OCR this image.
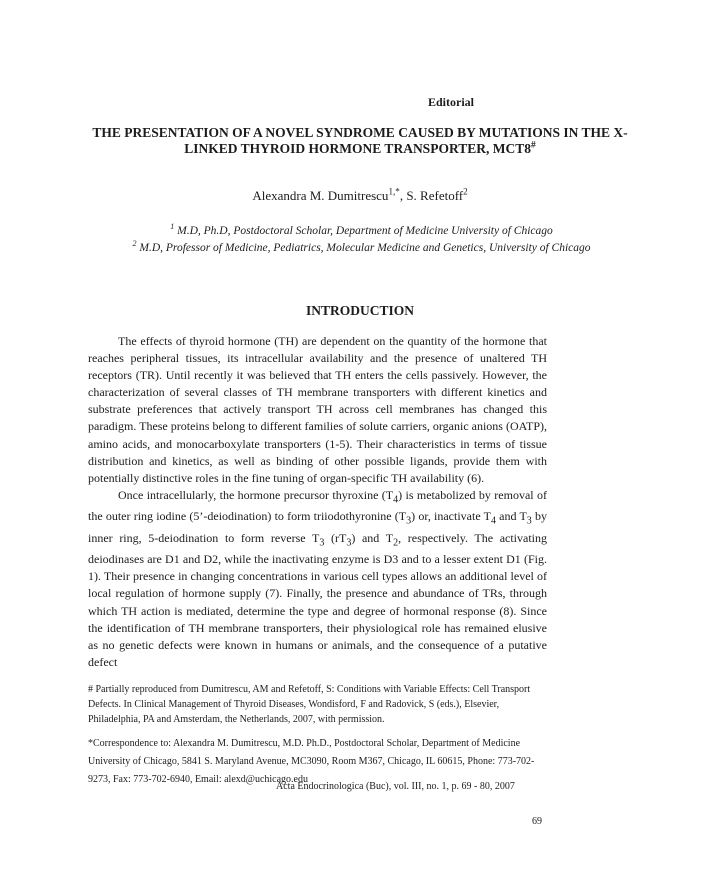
Editorial
THE PRESENTATION OF A NOVEL SYNDROME CAUSED BY MUTATIONS IN THE X-LINKED THYROID HORMONE TRANSPORTER, MCT8#
Alexandra M. Dumitrescu$^{1,*}$, S. Refetoff$^2$
$^1$ M.D, Ph.D, Postdoctoral Scholar, Department of Medicine University of Chicago
$^2$ M.D, Professor of Medicine, Pediatrics, Molecular Medicine and Genetics, University of Chicago
INTRODUCTION

The effects of thyroid hormone (TH) are dependent on the quantity of the hormone that reaches peripheral tissues, its intracellular availability and the presence of unaltered TH receptors (TR). Until recently it was believed that TH enters the cells passively. However, the characterization of several classes of TH membrane transporters with different kinetics and substrate preferences that actively transport TH across cell membranes has changed this paradigm. These proteins belong to different families of solute carriers, organic anions (OATP), amino acids, and monocarboxylate transporters (1-5). Their characteristics in terms of tissue distribution and kinetics, as well as binding of other possible ligands, provide them with potentially distinctive roles in the fine tuning of organ-specific TH availability (6).

Once intracellularly, the hormone precursor thyroxine $(T_4)$ is metabolized by removal of the outer ring iodine (5’-deiodination) to form triiodothyronine $(T_3)$ or, inactivate $T_4$ and $T_3$ by inner ring, 5-deiodination to form reverse $T_3$ $(rT_3)$ and $T_2$, respectively. The activating deiodinases are D1 and D2, while the inactivating enzyme is D3 and to a lesser extent D1 (Fig. 1). Their presence in changing concentrations in various cell types allows an additional level of local regulation of hormone supply (7). Finally, the presence and abundance of TRs, through which TH action is mediated, determine the type and degree of hormonal response (8). Since the identification of TH membrane transporters, their physiological role has remained elusive as no genetic defects were known in humans or animals, and the consequence of a putative defect

# Partially reproduced from Dumitrescu, AM and Refetoff, S: Conditions with Variable Effects: Cell Transport Defects. In Clinical Management of Thyroid Diseases, Wondisford, F and Radovick, S (eds.), Elsevier, Philadelphia, PA and Amsterdam, the Netherlands, 2007, with permission.
*Correspondence to: Alexandra M. Dumitrescu, M.D. Ph.D., Postdoctoral Scholar, Department of Medicine University of Chicago, 5841 S. Maryland Avenue, MC3090, Room M367, Chicago, IL 60615, Phone: 773-702-9273, Fax: 773-702-6940, Email: alexd@uchicago.edu
Acta Endocrinologica (Buc), vol. III, no. 1, p. 69 - 80, 2007
69
